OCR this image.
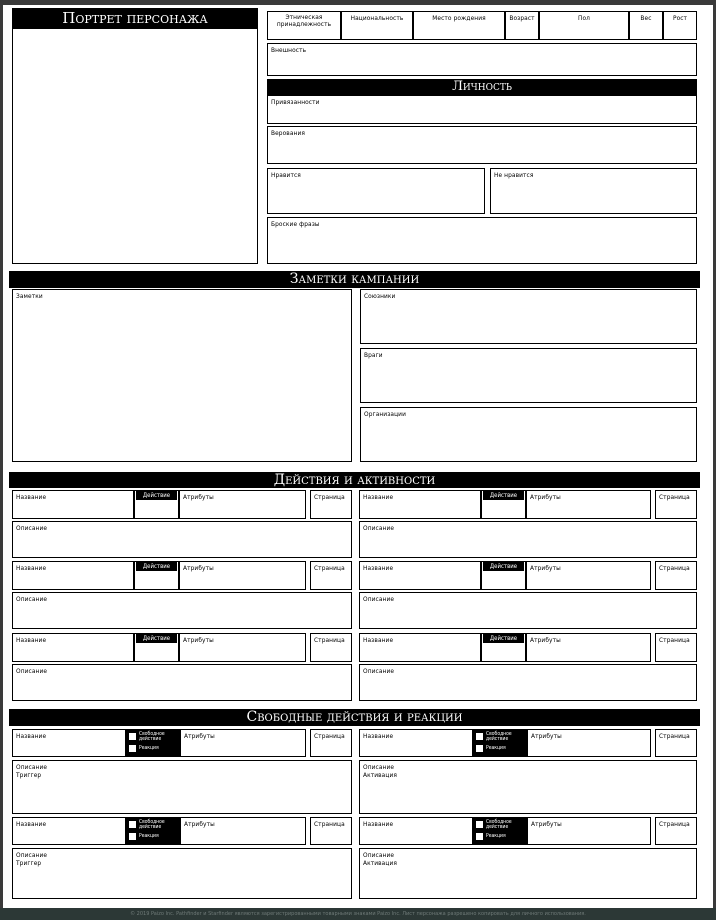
Портрет персонажа	Этническая принадлежность
Национальность	Место рождения	Возраст	Пол	Вес	Рост
Внешность
Личность
Привязанности
Верования
Нравится	Не нравится
Броские фразы
Заметки кампании
Заметки	Союзники
Враги
Организации
Действия и активности
Название	Действие	Атрибуты	Страница
Описание
Название	Действие	Атрибуты	Страница
Описание
Название	Действие	Атрибуты	Страница
Описание
Название	Действие	Атрибуты	Страница
Описание
Название	Действие	Атрибуты	Страница
Описание
Название	Действие	Атрибуты	Страница
Описание
Свободные действия и реакции
Название	Свободное действие
Реакция
Атрибуты	Страница
Описание
Триггер
Название	Свободное действие
Реакция
Атрибуты	Страница
Описание
Активация
Название	Свободное действие
Реакция
Атрибуты	Страница
Описание
Триггер
Название	Свободное действие
Реакция
Атрибуты	Страница
Описание
Активация
© 2019 Paizo Inc. Pathfinder и Starfinder являются зарегистрированными товарными знаками Paizo Inc. Лист персонажа разрешено копировать для личного использования.
